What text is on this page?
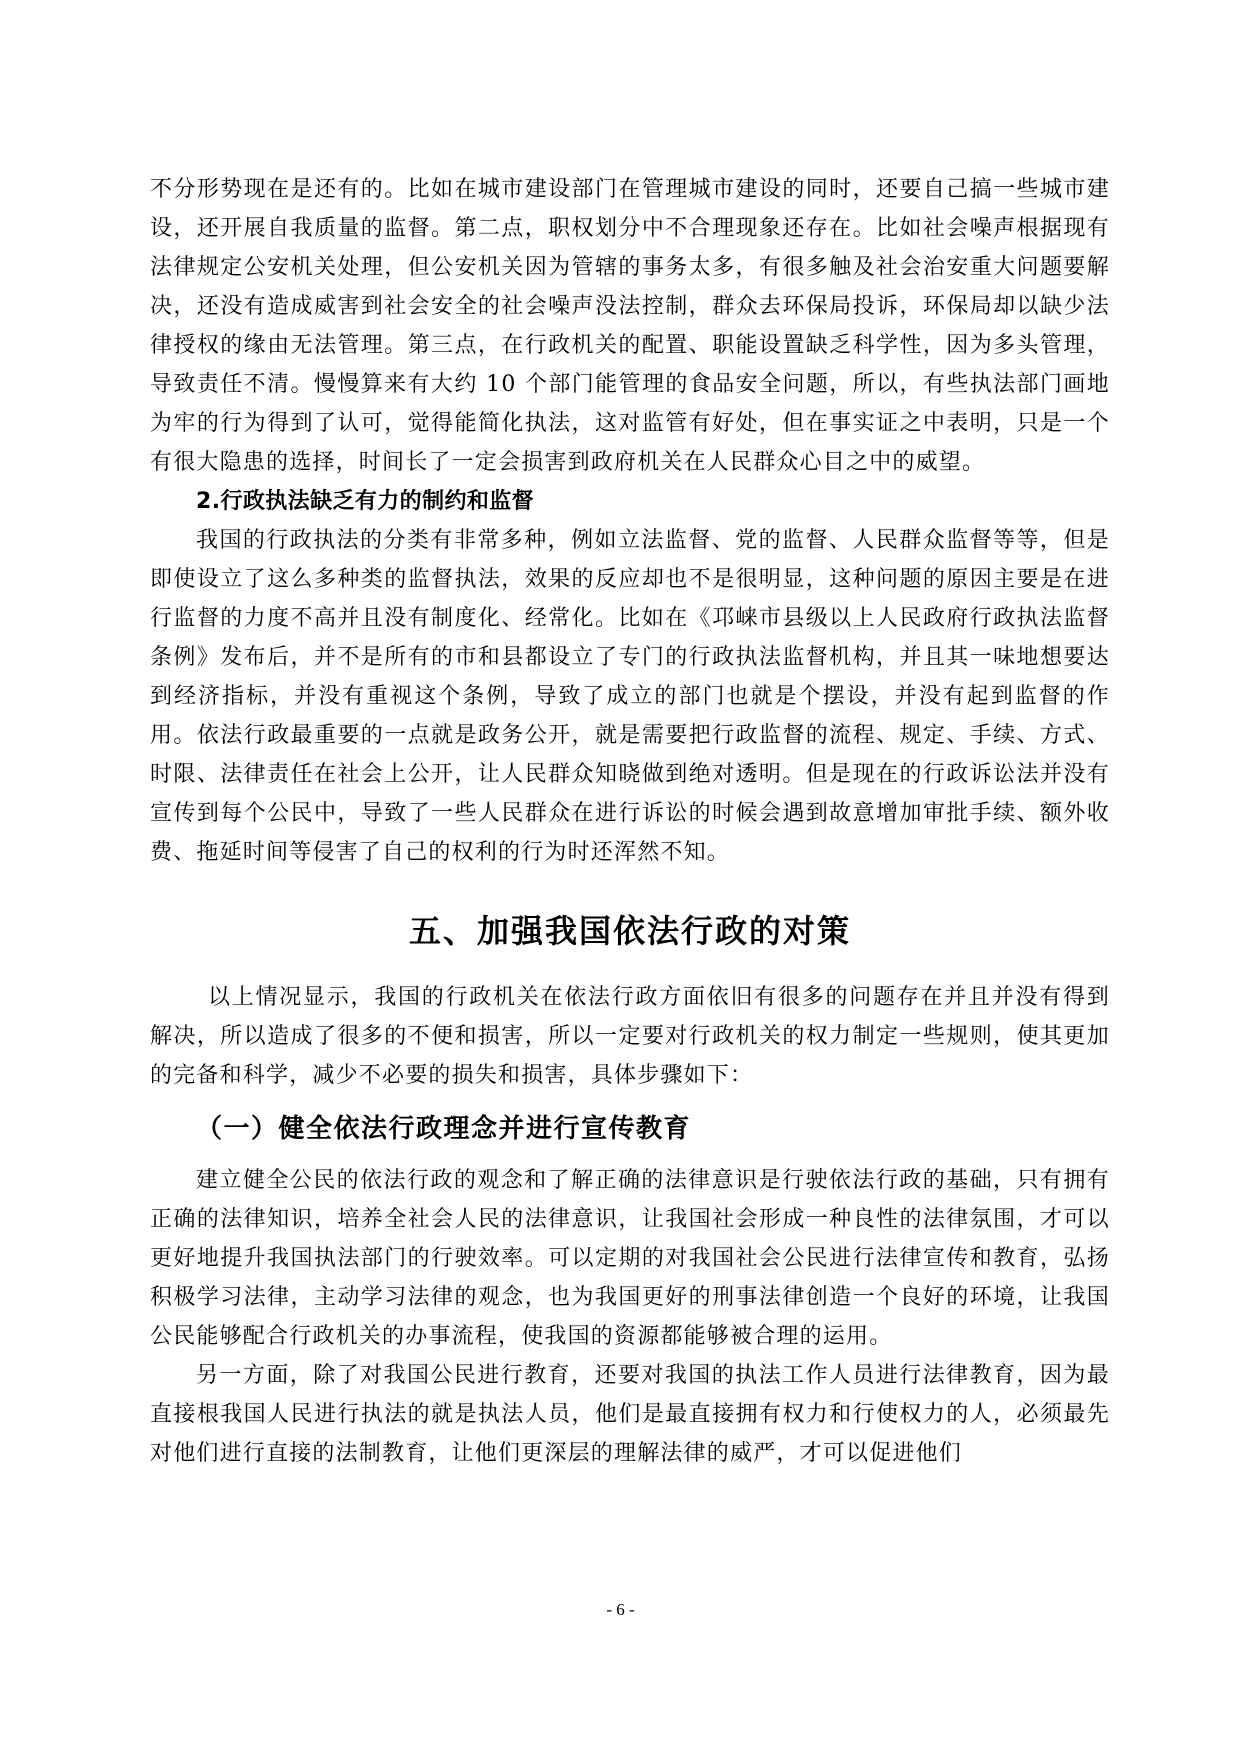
不分形势现在是还有的。比如在城市建设部门在管理城市建设的同时，还要自己搞一些城市建设，还开展自我质量的监督。第二点，职权划分中不合理现象还存在。比如社会噪声根据现有法律规定公安机关处理，但公安机关因为管辖的事务太多，有很多触及社会治安重大问题要解决，还没有造成威害到社会安全的社会噪声没法控制，群众去环保局投诉，环保局却以缺少法律授权的缘由无法管理。第三点，在行政机关的配置、职能设置缺乏科学性，因为多头管理，导致责任不清。慢慢算来有大约 10 个部门能管理的食品安全问题，所以，有些执法部门画地为牢的行为得到了认可，觉得能简化执法，这对监管有好处，但在事实证之中表明，只是一个有很大隐患的选择，时间长了一定会损害到政府机关在人民群众心目之中的威望。

2.行政执法缺乏有力的制约和监督

我国的行政执法的分类有非常多种，例如立法监督、党的监督、人民群众监督等等，但是即使设立了这么多种类的监督执法，效果的反应却也不是很明显，这种问题的原因主要是在进行监督的力度不高并且没有制度化、经常化。比如在《邛崃市县级以上人民政府行政执法监督条例》发布后，并不是所有的市和县都设立了专门的行政执法监督机构，并且其一味地想要达到经济指标，并没有重视这个条例，导致了成立的部门也就是个摆设，并没有起到监督的作用。依法行政最重要的一点就是政务公开，就是需要把行政监督的流程、规定、手续、方式、时限、法律责任在社会上公开，让人民群众知晓做到绝对透明。但是现在的行政诉讼法并没有宣传到每个公民中，导致了一些人民群众在进行诉讼的时候会遇到故意增加审批手续、额外收费、拖延时间等侵害了自己的权利的行为时还浑然不知。

五、加强我国依法行政的对策

以上情况显示，我国的行政机关在依法行政方面依旧有很多的问题存在并且并没有得到解决，所以造成了很多的不便和损害，所以一定要对行政机关的权力制定一些规则，使其更加的完备和科学，减少不必要的损失和损害，具体步骤如下：

（一）健全依法行政理念并进行宣传教育

建立健全公民的依法行政的观念和了解正确的法律意识是行驶依法行政的基础，只有拥有正确的法律知识，培养全社会人民的法律意识，让我国社会形成一种良性的法律氛围，才可以更好地提升我国执法部门的行驶效率。可以定期的对我国社会公民进行法律宣传和教育，弘扬积极学习法律，主动学习法律的观念，也为我国更好的刑事法律创造一个良好的环境，让我国公民能够配合行政机关的办事流程，使我国的资源都能够被合理的运用。

另一方面，除了对我国公民进行教育，还要对我国的执法工作人员进行法律教育，因为最直接根我国人民进行执法的就是执法人员，他们是最直接拥有权力和行使权力的人，必须最先对他们进行直接的法制教育，让他们更深层的理解法律的威严，才可以促进他们

- 6 -
